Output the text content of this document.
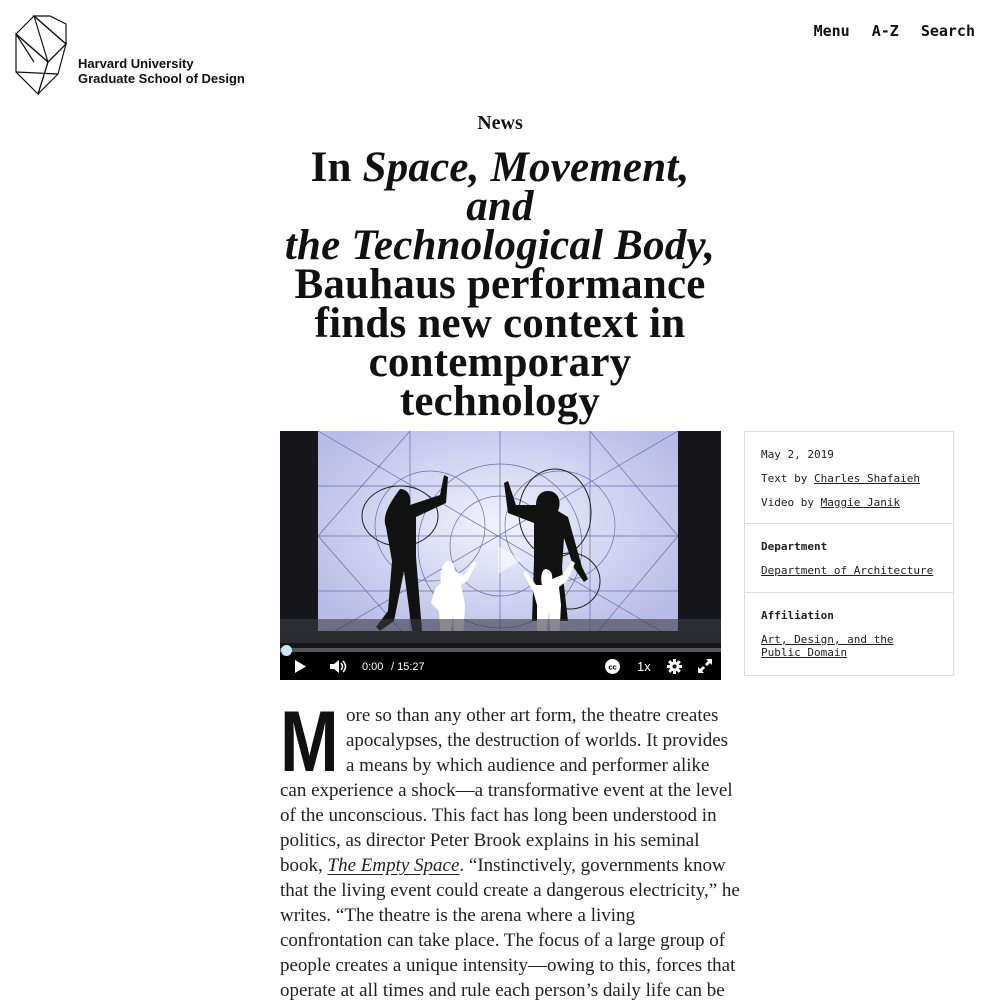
Harvard University
Graduate School of Design
Menu A-Z Search
News
In Space, Movement, and
the Technological Body,
Bauhaus performance
finds new context in
contemporary
technology
0:00 / 15:27	cc 1x
May 2, 2019
Text by Charles Shafaieh
Video by Maggie Janik
Department
Department of Architecture
Affiliation
Art, Design, and the
Public Domain
M ore so than any other art form, the theatre creates
apocalypses, the destruction of worlds. It provides
a means by which audience and performer alike
can experience a shock—a transformative event at the level
of the unconscious. This fact has long been understood in
politics, as director Peter Brook explains in his seminal
book, The Empty Space. “Instinctively, governments know
that the living event could create a dangerous electricity,” he
writes. “The theatre is the arena where a living
confrontation can take place. The focus of a large group of
people creates a unique intensity—owing to this, forces that
operate at all times and rule each person’s daily life can be
